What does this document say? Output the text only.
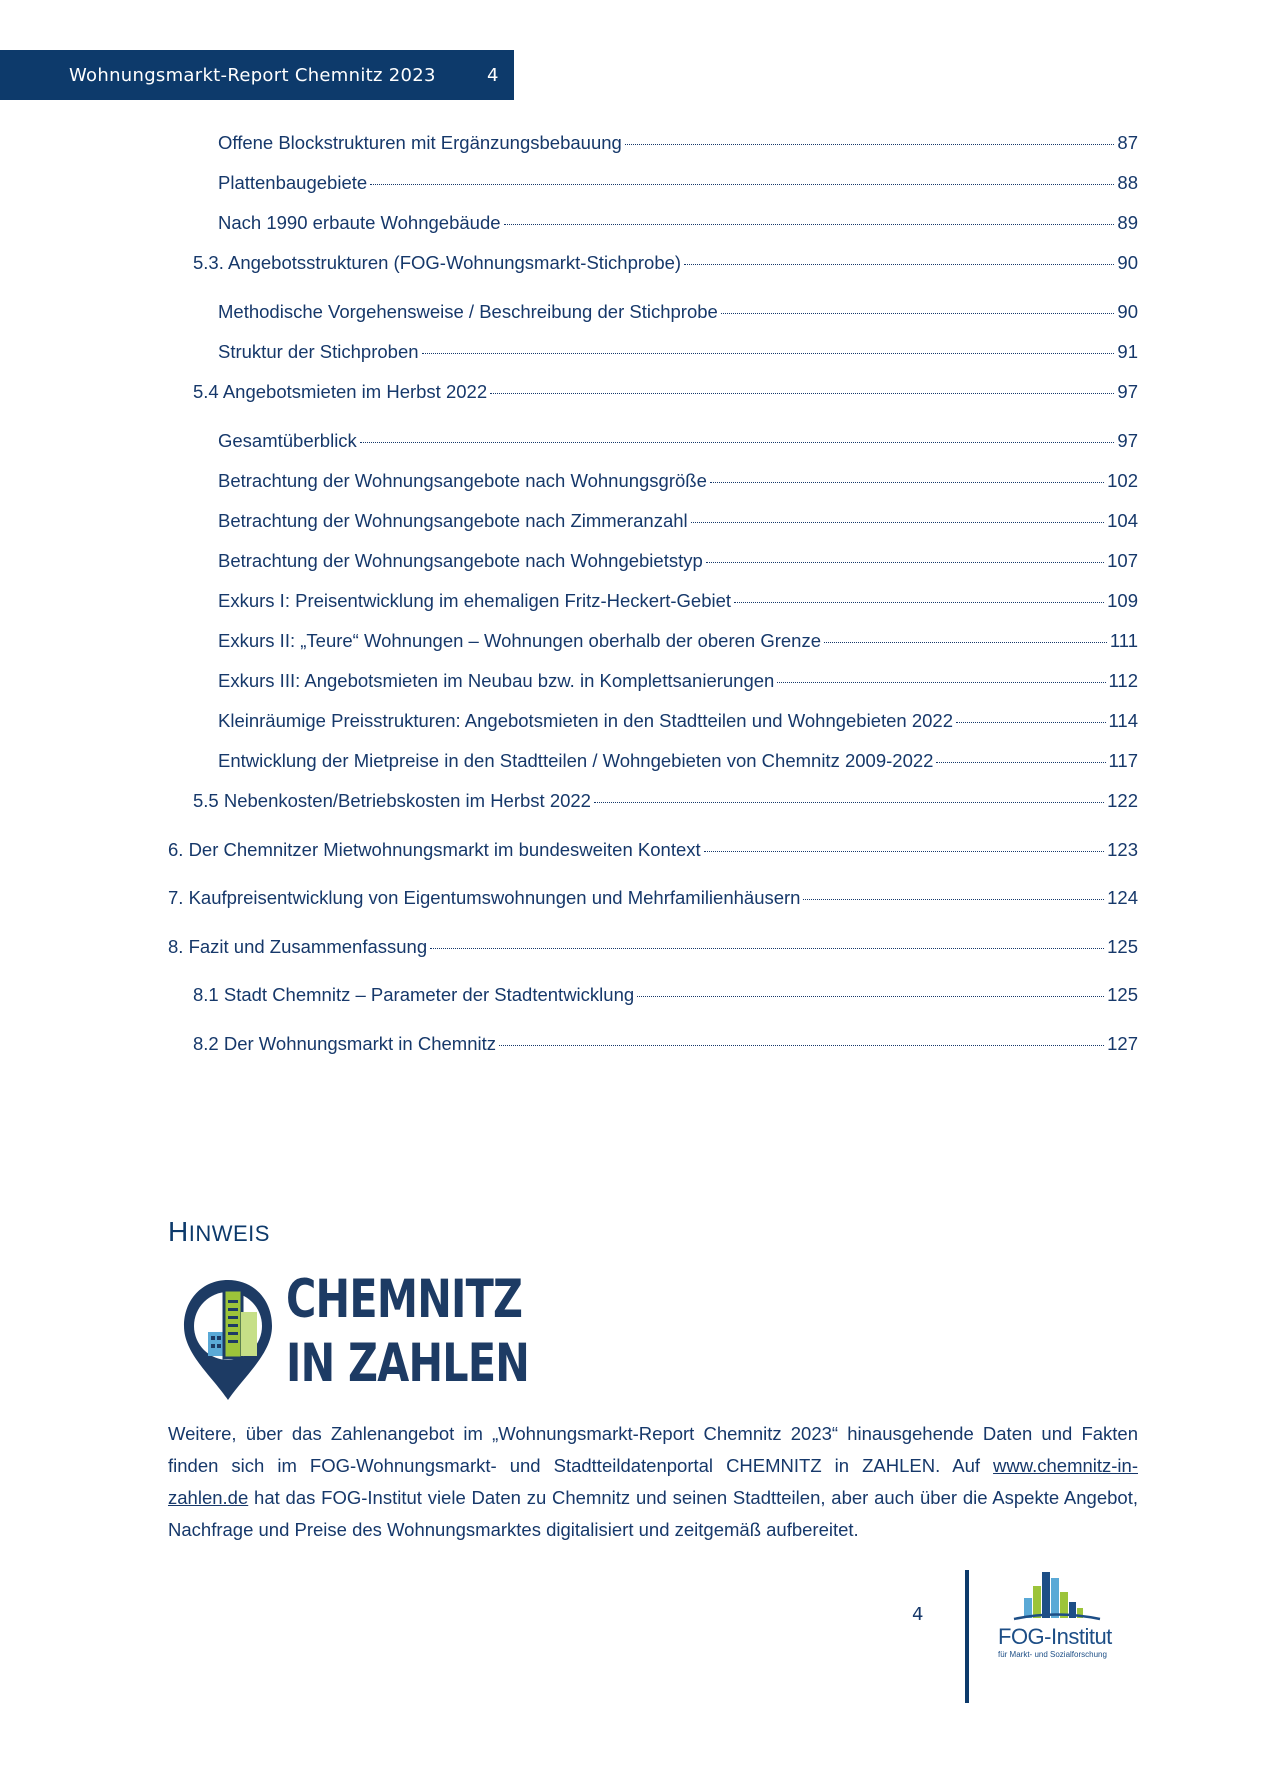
Wohnungsmarkt-Report Chemnitz 2023	4
Offene Blockstrukturen mit Ergänzungsbebauung	87
Plattenbaugebiete	88
Nach 1990 erbaute Wohngebäude	89
5.3. Angebotsstrukturen (FOG-Wohnungsmarkt-Stichprobe)	90
Methodische Vorgehensweise / Beschreibung der Stichprobe	90
Struktur der Stichproben	91
5.4 Angebotsmieten im Herbst 2022	97
Gesamtüberblick	97
Betrachtung der Wohnungsangebote nach Wohnungsgröße	102
Betrachtung der Wohnungsangebote nach Zimmeranzahl	104
Betrachtung der Wohnungsangebote nach Wohngebietstyp	107
Exkurs I: Preisentwicklung im ehemaligen Fritz-Heckert-Gebiet	109
Exkurs II: „Teure“ Wohnungen – Wohnungen oberhalb der oberen Grenze	111
Exkurs III: Angebotsmieten im Neubau bzw. in Komplettsanierungen	112
Kleinräumige Preisstrukturen: Angebotsmieten in den Stadtteilen und Wohngebieten 2022	114
Entwicklung der Mietpreise in den Stadtteilen / Wohngebieten von Chemnitz 2009-2022	117
5.5 Nebenkosten/Betriebskosten im Herbst 2022	122
6. Der Chemnitzer Mietwohnungsmarkt im bundesweiten Kontext	123
7. Kaufpreisentwicklung von Eigentumswohnungen und Mehrfamilienhäusern	124
8. Fazit und Zusammenfassung	125
8.1 Stadt Chemnitz – Parameter der Stadtentwicklung	125
8.2 Der Wohnungsmarkt in Chemnitz	127
HINWEIS
CHEMNITZ
IN ZAHLEN
Weitere, über das Zahlenangebot im „Wohnungsmarkt-Report Chemnitz 2023“ hinausgehende Daten und Fakten finden sich im FOG-Wohnungsmarkt- und Stadtteildatenportal CHEMNITZ in ZAHLEN. Auf www.chemnitz-in-zahlen.de hat das FOG-Institut viele Daten zu Chemnitz und seinen Stadtteilen, aber auch über die Aspekte Angebot, Nachfrage und Preise des Wohnungsmarktes digitalisiert und zeitgemäß aufbereitet.
4
FOG-Institut
für Markt- und Sozialforschung
